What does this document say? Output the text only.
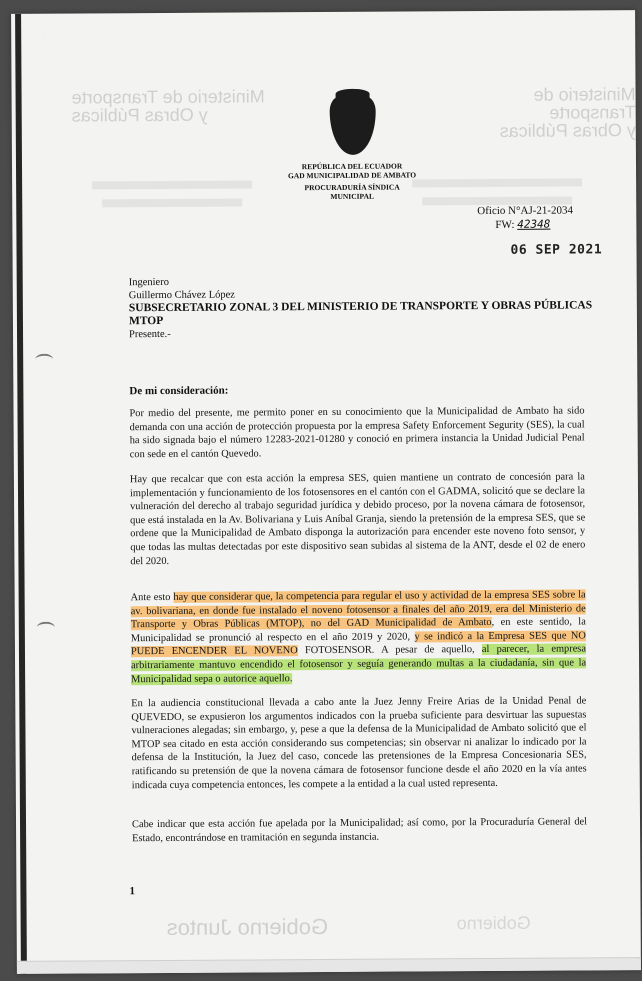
Ministerio de Transporte
y Obras Públicas
Ministerio de Transporte
y Obras Públicas
REPÚBLICA DEL ECUADOR
GAD MUNICIPALIDAD DE AMBATO
PROCURADURÍA SÍNDICA MUNICIPAL
Oficio N°AJ-21-2034
FW: 42348
06 SEP 2021
Ingeniero
Guillermo Chávez López
SUBSECRETARIO ZONAL 3 DEL MINISTERIO DE TRANSPORTE Y OBRAS PÚBLICAS
MTOP
Presente.-
De mi consideración:
Por medio del presente, me permito poner en su conocimiento que la Municipalidad de Ambato ha sido demanda con una acción de protección propuesta por la empresa Safety Enforcement Segurity (SES), la cual ha sido signada bajo el número 12283-2021-01280 y conoció en primera instancia la Unidad Judicial Penal con sede en el cantón Quevedo.
Hay que recalcar que con esta acción la empresa SES, quien mantiene un contrato de concesión para la implementación y funcionamiento de los fotosensores en el cantón con el GADMA, solicitó que se declare la vulneración del derecho al trabajo seguridad jurídica y debido proceso, por la novena cámara de fotosensor, que está instalada en la Av. Bolivariana y Luis Aníbal Granja, siendo la pretensión de la empresa SES, que se ordene que la Municipalidad de Ambato disponga la autorización para encender este noveno foto sensor, y que todas las multas detectadas por este dispositivo sean subidas al sistema de la ANT, desde el 02 de enero del 2020.
Ante esto hay que considerar que, la competencia para regular el uso y actividad de la empresa SES sobre la av. bolivariana, en donde fue instalado el noveno fotosensor a finales del año 2019, era del Ministerio de Transporte y Obras Públicas (MTOP), no del GAD Municipalidad de Ambato, en este sentido, la Municipalidad se pronunció al respecto en el año 2019 y 2020, y se indicó a la Empresa SES que NO PUEDE ENCENDER EL NOVENO FOTOSENSOR. A pesar de aquello, al parecer, la empresa arbitrariamente mantuvo encendido el fotosensor y seguía generando multas a la ciudadanía, sin que la Municipalidad sepa o autorice aquello.
En la audiencia constitucional llevada a cabo ante la Juez Jenny Freire Arias de la Unidad Penal de QUEVEDO, se expusieron los argumentos indicados con la prueba suficiente para desvirtuar las supuestas vulneraciones alegadas; sin embargo, y, pese a que la defensa de la Municipalidad de Ambato solicitó que el MTOP sea citado en esta acción considerando sus competencias; sin observar ni analizar lo indicado por la defensa de la Institución, la Juez del caso, concede las pretensiones de la Empresa Concesionaria SES, ratificando su pretensión de que la novena cámara de fotosensor funcione desde el año 2020 en la vía antes indicada cuya competencia entonces, les compete a la entidad a la cual usted representa.
Cabe indicar que esta acción fue apelada por la Municipalidad; así como, por la Procuraduría General del Estado, encontrándose en tramitación en segunda instancia.
1
Gobierno Juntos	Gobierno
1/1
